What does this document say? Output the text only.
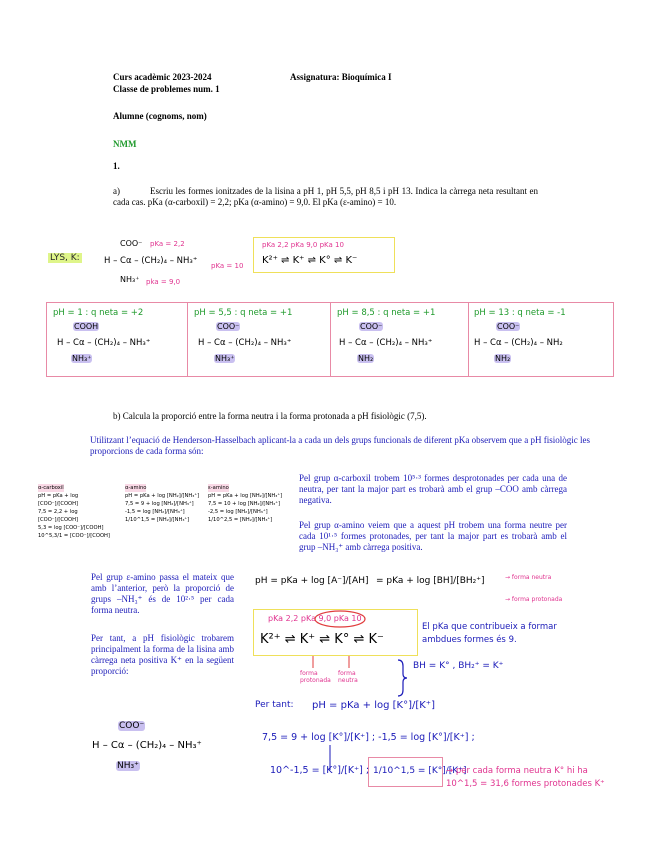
Curs acadèmic 2023-2024	Assignatura: Bioquímica I
Classe de problemes num. 1
Alumne (cognoms, nom)
NMM
1.
a)	Escriu les formes ionitzades de la lisina a pH 1, pH 5,5, pH 8,5 i pH 13. Indica la càrrega neta resultant en cada cas. pKa (α-carboxil) = 2,2; pKa (α-amino) = 9,0. El pKa (ε-amino) = 10.
LYS, K:
COO⁻ pKa = 2,2
H – Cα – (CH₂)₄ – NH₃⁺ pKa = 10
NH₃⁺ pka = 9,0
pKa 2,2 pKa 9,0 pKa 10
K²⁺ ⇌ K⁺ ⇌ K° ⇌ K⁻
pH = 1 : q neta = +2
COOH
H – Cα – (CH₂)₄ – NH₃⁺
NH₃⁺
pH = 5,5 : q neta = +1
COO⁻
H – Cα – (CH₂)₄ – NH₃⁺
NH₃⁺
pH = 8,5 : q neta = +1
COO⁻
H – Cα – (CH₂)₄ – NH₃⁺
NH₂
pH = 13 : q neta = -1
COO⁻
H – Cα – (CH₂)₄ – NH₂
NH₂
b) Calcula la proporció entre la forma neutra i la forma protonada a pH fisiològic (7,5).
Utilitzant l’equació de Henderson-Hasselbach aplicant-la a cada un dels grups funcionals de diferent pKa observem que a pH fisiològic les proporcions de cada forma són:
α-carboxil
pH = pKa + log [COO⁻]/[COOH]
7,5 = 2,2 + log [COO⁻]/[COOH]
5,3 = log [COO⁻]/[COOH]
10^5,3/1 = [COO⁻]/[COOH]
α-amino
pH = pKa + log [NH₂]/[NH₃⁺]
7,5 = 9 + log [NH₂]/[NH₃⁺]
-1,5 = log [NH₂]/[NH₃⁺]
1/10^1,5 = [NH₂]/[NH₃⁺]
ε-amino
pH = pKa + log [NH₂]/[NH₃⁺]
7,5 = 10 + log [NH₂]/[NH₃⁺]
-2,5 = log [NH₂]/[NH₃⁺]
1/10^2,5 = [NH₂]/[NH₃⁺]
Pel grup α-carboxil trobem 10⁵·³ formes desprotonades per cada una de neutra, per tant la major part es trobarà amb el grup –COO amb càrrega negativa.
Pel grup α-amino veiem que a aquest pH trobem una forma neutre per cada 10¹·⁵ formes protonades, per tant la major part es trobarà amb el grup –NH₃⁺ amb càrrega positiva.
Pel grup ε-amino passa el mateix que amb l’anterior, però la proporció de grups –NH₃⁺ és de 10²·⁵ per cada forma neutra.
Per tant, a pH fisiològic trobarem principalment la forma de la lisina amb càrrega neta positiva K⁺ en la següent proporció:
pH = pKa + log [A⁻]/[AH] = pKa + log [BH]/[BH₂⁺]	→ forma neutra
→ forma protonada
pKa 2,2 pKa 9,0 pKa 10
K²⁺ ⇌ K⁺ ⇌ K° ⇌ K⁻
forma protonada
forma neutra
El pKa que contribueix a formar ambdues formes és 9.
BH = K° , BH₂⁺ = K⁺
Per tant: pH = pKa + log [K°]/[K⁺]
7,5 = 9 + log [K°]/[K⁺] ; -1,5 = log [K°]/[K⁺] ;
10^-1,5 = [K°]/[K⁺] ; 1/10^1,5 = [K°]/[K⁺]
→ per cada forma neutra K° hi ha 10^1,5 = 31,6 formes protonades K⁺
COO⁻
H – Cα – (CH₂)₄ – NH₃⁺
NH₃⁺
